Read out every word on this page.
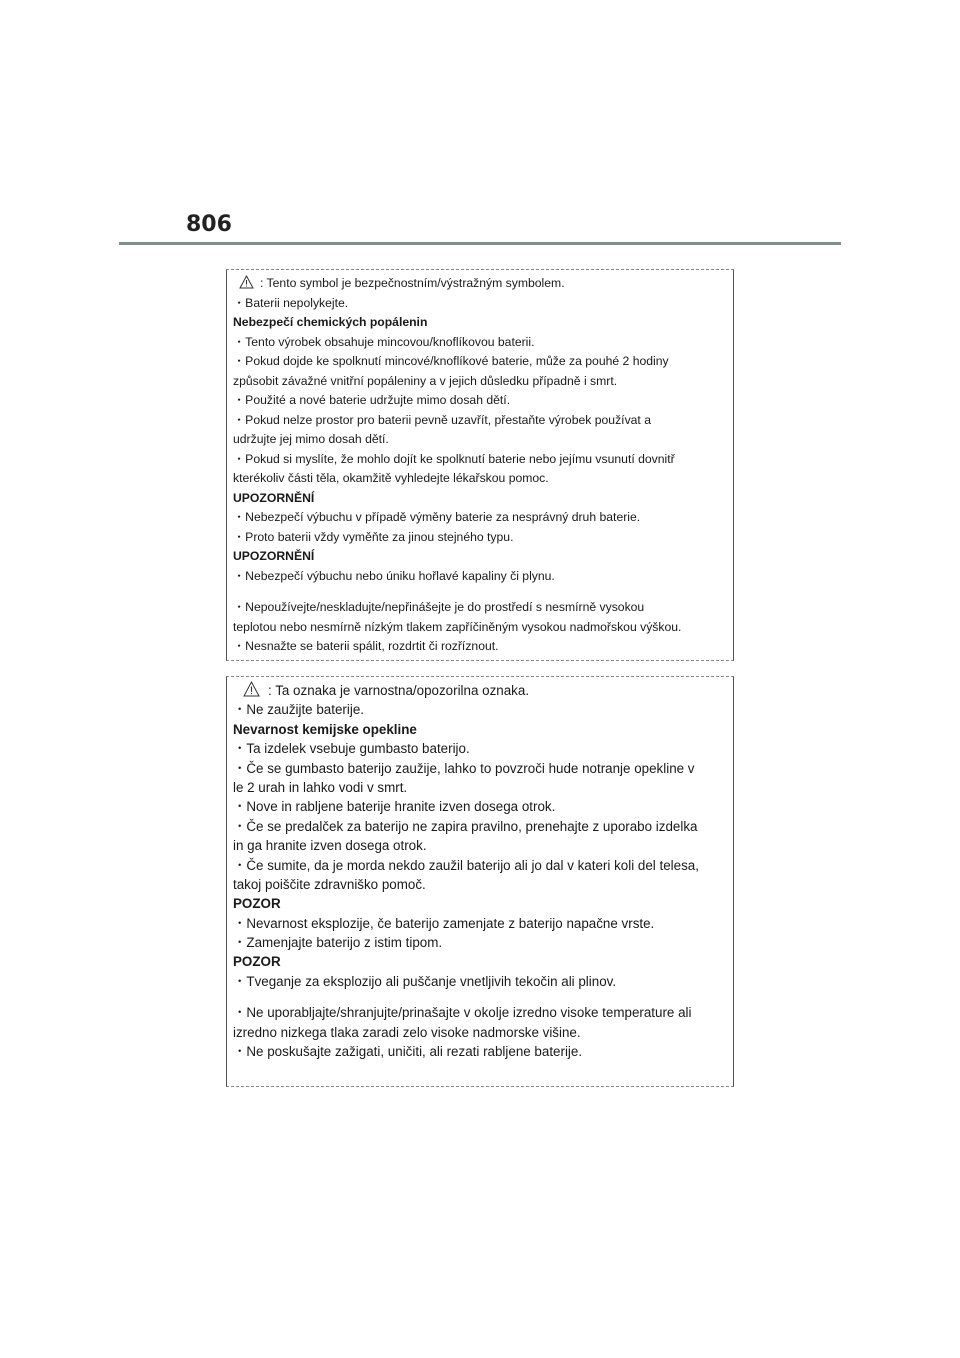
806
: Tento symbol je bezpečnostním/výstražným symbolem.
・Baterii nepolykejte.
Nebezpečí chemických popálenin
・Tento výrobek obsahuje mincovou/knoflíkovou baterii.
・Pokud dojde ke spolknutí mincové/knoflíkové baterie, může za pouhé 2 hodiny
způsobit závažné vnitřní popáleniny a v jejich důsledku případně i smrt.
・Použité a nové baterie udržujte mimo dosah dětí.
・Pokud nelze prostor pro baterii pevně uzavřít, přestaňte výrobek používat a
udržujte jej mimo dosah dětí.
・Pokud si myslíte, že mohlo dojít ke spolknutí baterie nebo jejímu vsunutí dovnitř
kterékoliv části těla, okamžitě vyhledejte lékařskou pomoc.
UPOZORNĚNÍ
・Nebezpečí výbuchu v případě výměny baterie za nesprávný druh baterie.
・Proto baterii vždy vyměňte za jinou stejného typu.
UPOZORNĚNÍ
・Nebezpečí výbuchu nebo úniku hořlavé kapaliny či plynu.
・Nepoužívejte/neskladujte/nepřinášejte je do prostředí s nesmírně vysokou
teplotou nebo nesmírně nízkým tlakem zapříčiněným vysokou nadmořskou výškou.
・Nesnažte se baterii spálit, rozdrtit či rozříznout.
: Ta oznaka je varnostna/opozorilna oznaka.
・Ne zaužijte baterije.
Nevarnost kemijske opekline
・Ta izdelek vsebuje gumbasto baterijo.
・Če se gumbasto baterijo zaužije, lahko to povzroči hude notranje opekline v
le 2 urah in lahko vodi v smrt.
・Nove in rabljene baterije hranite izven dosega otrok.
・Če se predalček za baterijo ne zapira pravilno, prenehajte z uporabo izdelka
in ga hranite izven dosega otrok.
・Če sumite, da je morda nekdo zaužil baterijo ali jo dal v kateri koli del telesa,
takoj poiščite zdravniško pomoč.
POZOR
・Nevarnost eksplozije, če baterijo zamenjate z baterijo napačne vrste.
・Zamenjajte baterijo z istim tipom.
POZOR
・Tveganje za eksplozijo ali puščanje vnetljivih tekočin ali plinov.
・Ne uporabljajte/shranjujte/prinašajte v okolje izredno visoke temperature ali
izredno nizkega tlaka zaradi zelo visoke nadmorske višine.
・Ne poskušajte zažigati, uničiti, ali rezati rabljene baterije.
